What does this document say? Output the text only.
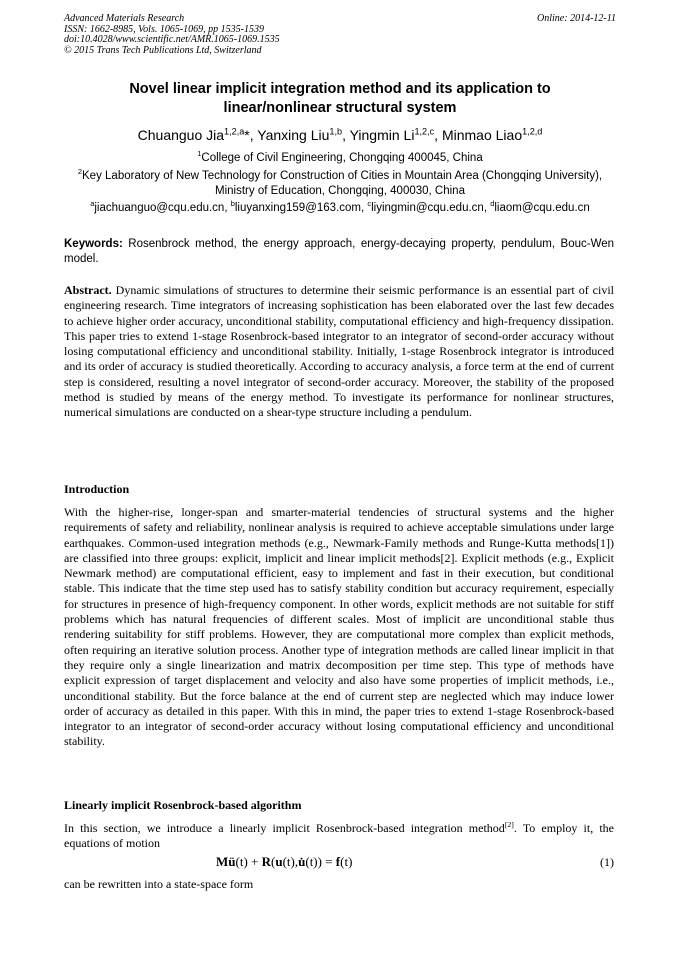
Advanced Materials Research
ISSN: 1662-8985, Vols. 1065-1069, pp 1535-1539
doi:10.4028/www.scientific.net/AMR.1065-1069.1535
© 2015 Trans Tech Publications Ltd, Switzerland
Online: 2014-12-11
Novel linear implicit integration method and its application to
linear/nonlinear structural system
Chuanguo Jia$^{1,2,a}$*, Yanxing Liu$^{1,b}$, Yingmin Li$^{1,2,c}$, Minmao Liao$^{1,2,d}$
$^1$College of Civil Engineering, Chongqing 400045, China
$^2$Key Laboratory of New Technology for Construction of Cities in Mountain Area (Chongqing University), Ministry of Education, Chongqing, 400030, China
$^a$jiachuanguo@cqu.edu.cn, $^b$liuyanxing159@163.com, $^c$liyingmin@cqu.edu.cn, $^d$liaom@cqu.edu.cn
Keywords: Rosenbrock method, the energy approach, energy-decaying property, pendulum, Bouc-Wen model.
Abstract. Dynamic simulations of structures to determine their seismic performance is an essential part of civil engineering research. Time integrators of increasing sophistication has been elaborated over the last few decades to achieve higher order accuracy, unconditional stability, computational efficiency and high-frequency dissipation. This paper tries to extend 1-stage Rosenbrock-based integrator to an integrator of second-order accuracy without losing computational efficiency and unconditional stability. Initially, 1-stage Rosenbrock integrator is introduced and its order of accuracy is studied theoretically. According to accuracy analysis, a force term at the end of current step is considered, resulting a novel integrator of second-order accuracy. Moreover, the stability of the proposed method is studied by means of the energy method. To investigate its performance for nonlinear structures, numerical simulations are conducted on a shear-type structure including a pendulum.
Introduction
With the higher-rise, longer-span and smarter-material tendencies of structural systems and the higher requirements of safety and reliability, nonlinear analysis is required to achieve acceptable simulations under large earthquakes. Common-used integration methods (e.g., Newmark-Family methods and Runge-Kutta methods[1]) are classified into three groups: explicit, implicit and linear implicit methods[2]. Explicit methods (e.g., Explicit Newmark method) are computational efficient, easy to implement and fast in their execution, but conditional stable. This indicate that the time step used has to satisfy stability condition but accuracy requirement, especially for structures in presence of high-frequency component. In other words, explicit methods are not suitable for stiff problems which has natural frequencies of different scales. Most of implicit are unconditional stable thus rendering suitability for stiff problems. However, they are computational more complex than explicit methods, often requiring an iterative solution process. Another type of integration methods are called linear implicit in that they require only a single linearization and matrix decomposition per time step. This type of methods have explicit expression of target displacement and velocity and also have some properties of implicit methods, i.e., unconditional stability. But the force balance at the end of current step are neglected which may induce lower order of accuracy as detailed in this paper. With this in mind, the paper tries to extend 1-stage Rosenbrock-based integrator to an integrator of second-order accuracy without losing computational efficiency and unconditional stability.
Linearly implicit Rosenbrock-based algorithm
In this section, we introduce a linearly implicit Rosenbrock-based integration method[2]. To employ it, the equations of motion
Mü(t) + R(u(t),u̇(t)) = f(t)	(1)
can be rewritten into a state-space form
